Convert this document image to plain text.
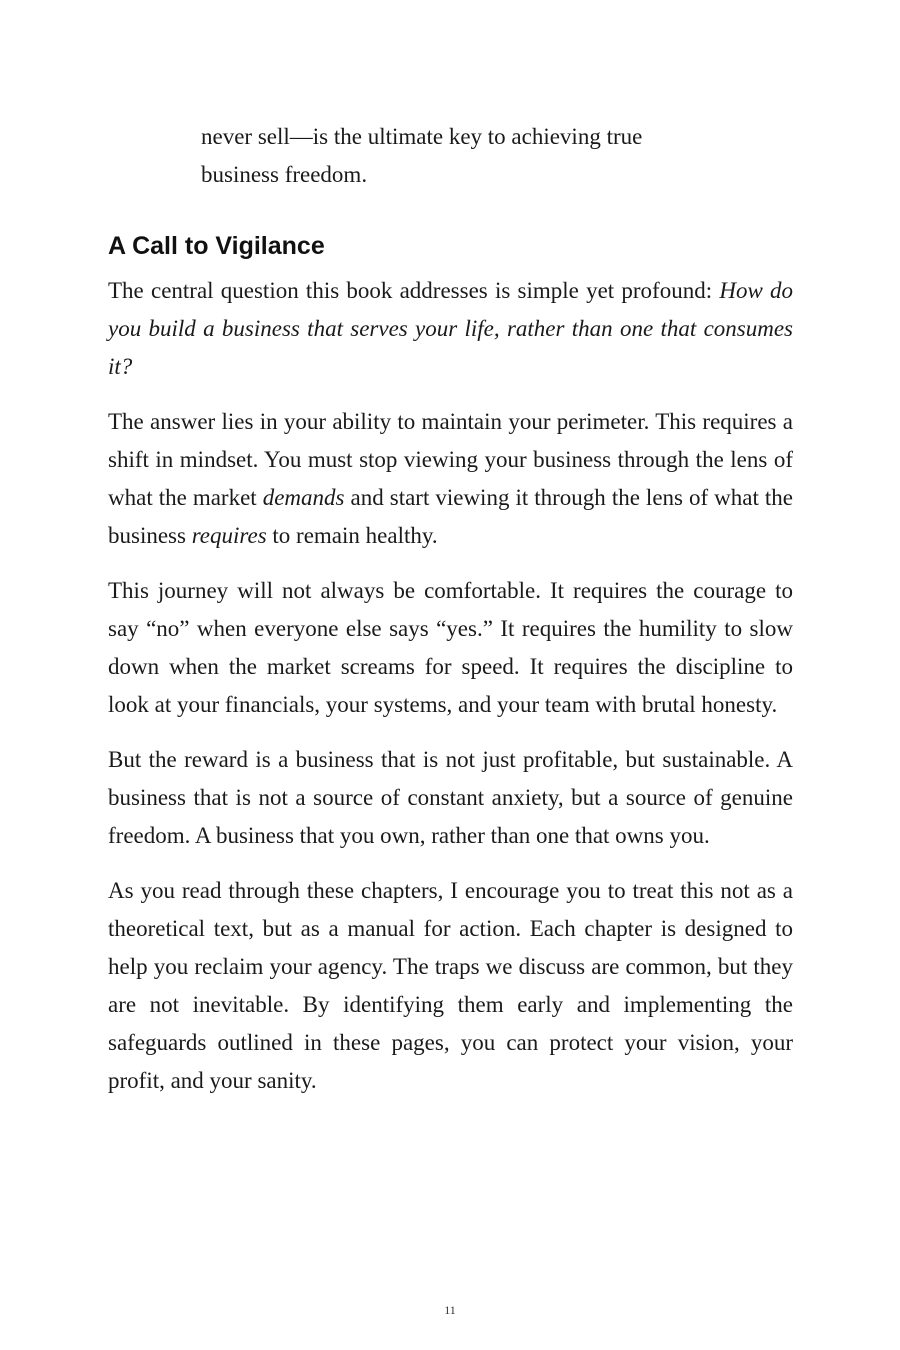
never sell—is the ultimate key to achieving true
business freedom.

A Call to Vigilance

The central question this book addresses is simple yet profound: How do you build a business that serves your life, rather than one that consumes it?

The answer lies in your ability to maintain your perimeter. This requires a shift in mindset. You must stop viewing your business through the lens of what the market demands and start viewing it through the lens of what the business requires to remain healthy.

This journey will not always be comfortable. It requires the courage to say “no” when everyone else says “yes.” It requires the humility to slow down when the market screams for speed. It requires the discipline to look at your financials, your systems, and your team with brutal honesty.

But the reward is a business that is not just profitable, but sustainable. A business that is not a source of constant anxiety, but a source of genuine freedom. A business that you own, rather than one that owns you.

As you read through these chapters, I encourage you to treat this not as a theoretical text, but as a manual for action. Each chapter is designed to help you reclaim your agency. The traps we discuss are common, but they are not inevitable. By identifying them early and implementing the safeguards outlined in these pages, you can protect your vision, your profit, and your sanity.

11
